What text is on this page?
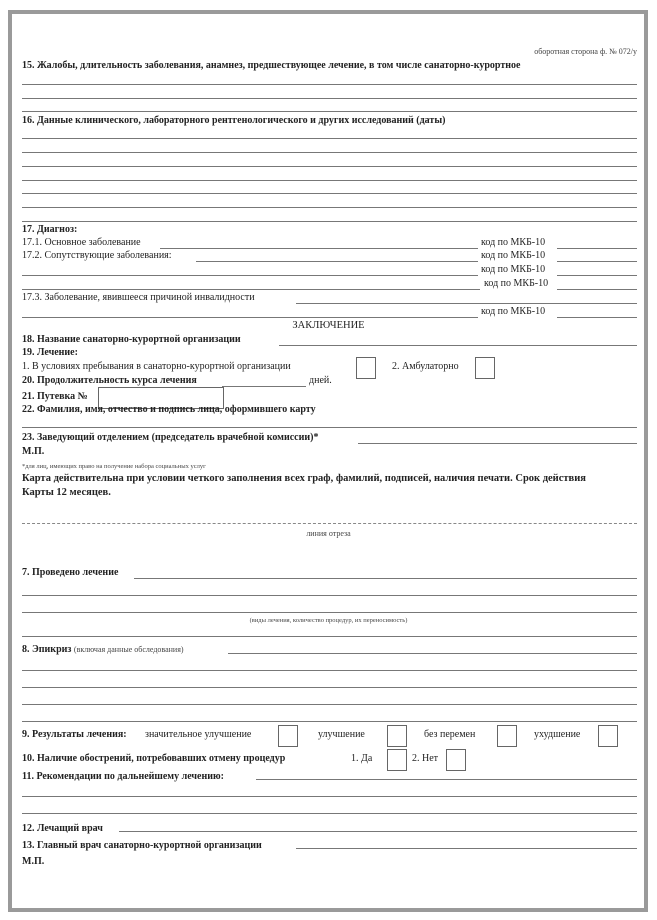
оборотная сторона ф. № 072/у
15. Жалобы, длительность заболевания, анамнез, предшествующее лечение, в том числе санаторно-курортное
16. Данные клинического, лабораторного рентгенологического и других исследований (даты)
17. Диагноз:
17.1. Основное заболевание	код по МКБ-10
17.2. Сопутствующие заболевания:	код по МКБ-10
код по МКБ-10
код по МКБ-10
17.3. Заболевание, явившееся причиной инвалидности
код по МКБ-10
ЗАКЛЮЧЕНИЕ
18. Название санаторно-курортной организации
19. Лечение:
1. В условиях пребывания в санаторно-курортной организации	2. Амбулаторно
20. Продолжительность курса лечения	дней.
21. Путевка №
22. Фамилия, имя, отчество и подпись лица, оформившего карту
23. Заведующий отделением (председатель врачебной комиссии)*
М.П.
*для лиц, имеющих право на получение набора социальных услуг
Карта действительна при условии четкого заполнения всех граф, фамилий, подписей, наличия печати. Срок действия
Карты 12 месяцев.
линия отреза
7. Проведено лечение
(виды лечения, количество процедур, их переносимость)
8. Эпикриз (включая данные обследования)
9. Результаты лечения: значительное улучшение	улучшение	без перемен	ухудшение
10. Наличие обострений, потребовавших отмену процедур	1. Да	2. Нет
11. Рекомендации по дальнейшему лечению:
12. Лечащий врач
13. Главный врач санаторно-курортной организации
М.П.
